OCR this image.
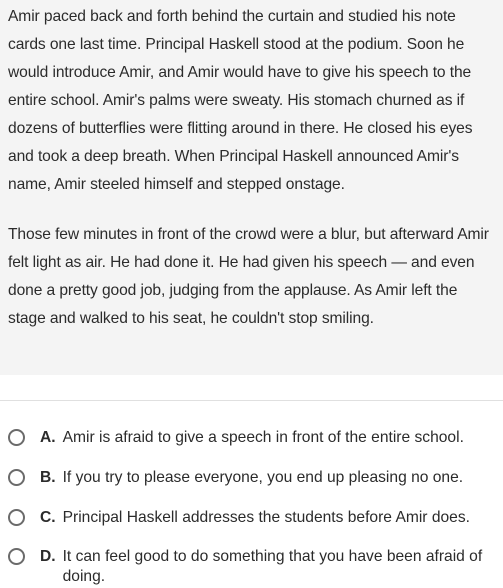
Amir paced back and forth behind the curtain and studied his note cards one last time. Principal Haskell stood at the podium. Soon he would introduce Amir, and Amir would have to give his speech to the entire school. Amir's palms were sweaty. His stomach churned as if dozens of butterflies were flitting around in there. He closed his eyes and took a deep breath. When Principal Haskell announced Amir's name, Amir steeled himself and stepped onstage.

Those few minutes in front of the crowd were a blur, but afterward Amir felt light as air. He had done it. He had given his speech — and even done a pretty good job, judging from the applause. As Amir left the stage and walked to his seat, he couldn't stop smiling.

A. Amir is afraid to give a speech in front of the entire school.
B. If you try to please everyone, you end up pleasing no one.
C. Principal Haskell addresses the students before Amir does.
D. It can feel good to do something that you have been afraid of doing.
